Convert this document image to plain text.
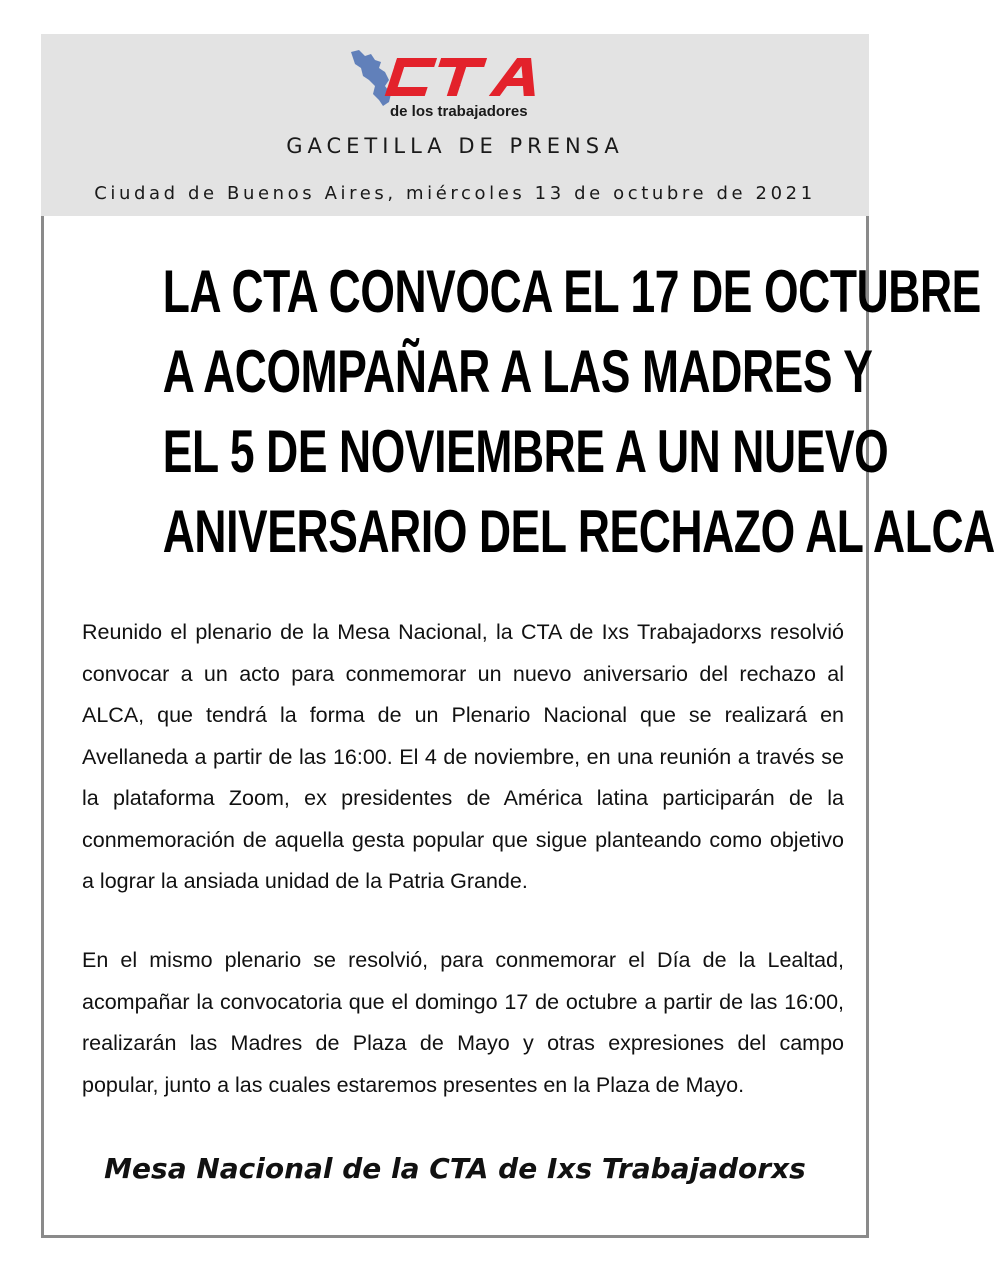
CTA
de los trabajadores
GACETILLA DE PRENSA
Ciudad de Buenos Aires, miércoles 13 de octubre de 2021
LA CTA CONVOCA EL 17 DE OCTUBRE
A ACOMPAÑAR A LAS MADRES Y
EL 5 DE NOVIEMBRE A UN NUEVO
ANIVERSARIO DEL RECHAZO AL ALCA

Reunido el plenario de la Mesa Nacional, la CTA de Ixs Trabajadorxs resolvió convocar a un acto para conmemorar un nuevo aniversario del rechazo al ALCA, que tendrá la forma de un Plenario Nacional que se realizará en Avellaneda a partir de las 16:00. El 4 de noviembre, en una reunión a través se la plataforma Zoom, ex presidentes de América latina participarán de la conmemoración de aquella gesta popular que sigue planteando como objetivo a lograr la ansiada unidad de la Patria Grande.

En el mismo plenario se resolvió, para conmemorar el Día de la Lealtad, acompañar la convocatoria que el domingo 17 de octubre a partir de las 16:00, realizarán las Madres de Plaza de Mayo y otras expresiones del campo popular, junto a las cuales estaremos presentes en la Plaza de Mayo.

Mesa Nacional de la CTA de Ixs Trabajadorxs
